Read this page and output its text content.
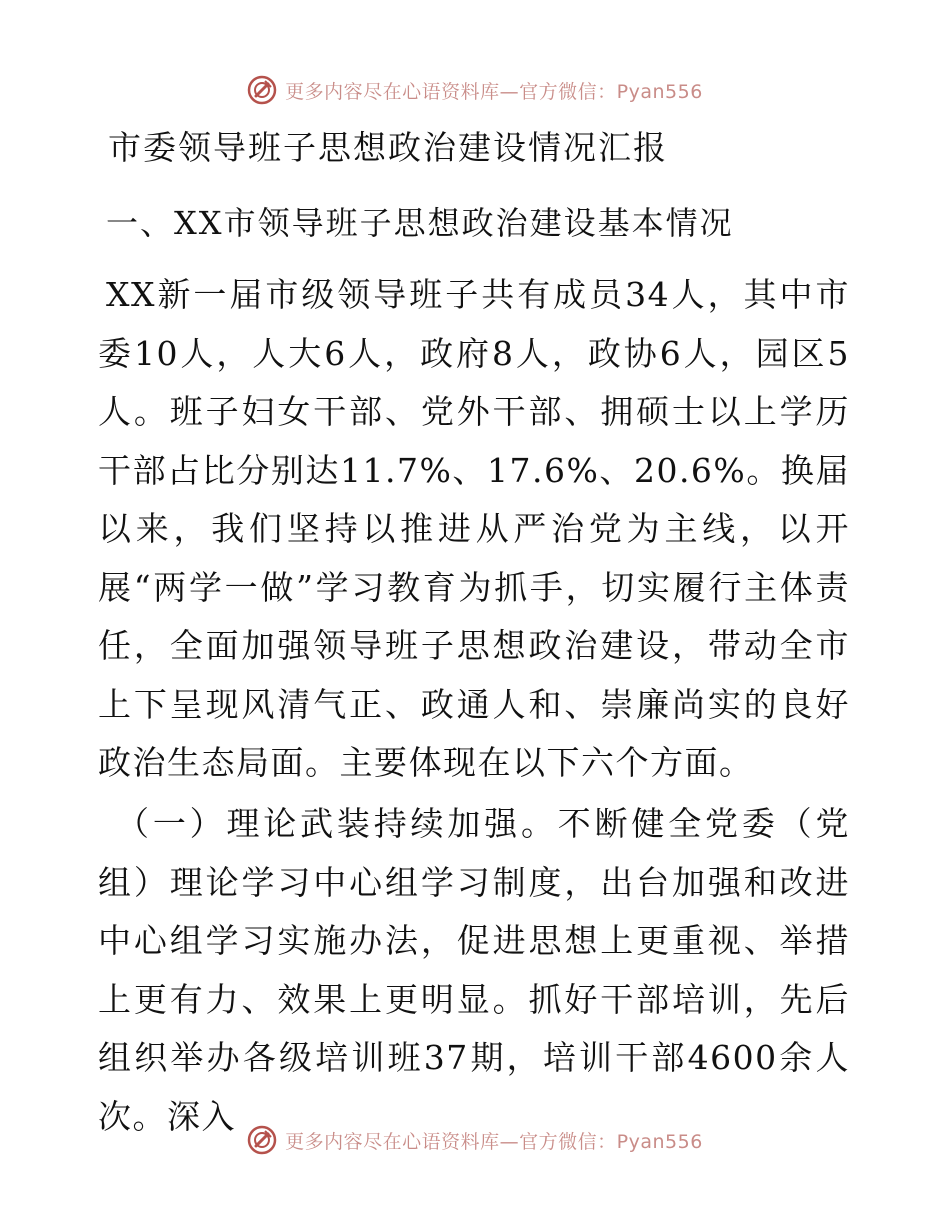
更多内容尽在心语资料库—官方微信：Pyan556
市委领导班子思想政治建设情况汇报
一、XX市领导班子思想政治建设基本情况

XX新一届市级领导班子共有成员34人，其中市委10人，人大6人，政府8人，政协6人，园区5人。班子妇女干部、党外干部、拥硕士以上学历干部占比分别达11.7%、17.6%、20.6%。换届以来，我们坚持以推进从严治党为主线，以开展“两学一做”学习教育为抓手，切实履行主体责任，全面加强领导班子思想政治建设，带动全市上下呈现风清气正、政通人和、崇廉尚实的良好政治生态局面。主要体现在以下六个方面。

（一）理论武装持续加强。不断健全党委（党组）理论学习中心组学习制度，出台加强和改进中心组学习实施办法，促进思想上更重视、举措上更有力、效果上更明显。抓好干部培训，先后组织举办各级培训班37期，培训干部4600余人次。深入

更多内容尽在心语资料库—官方微信：Pyan556
